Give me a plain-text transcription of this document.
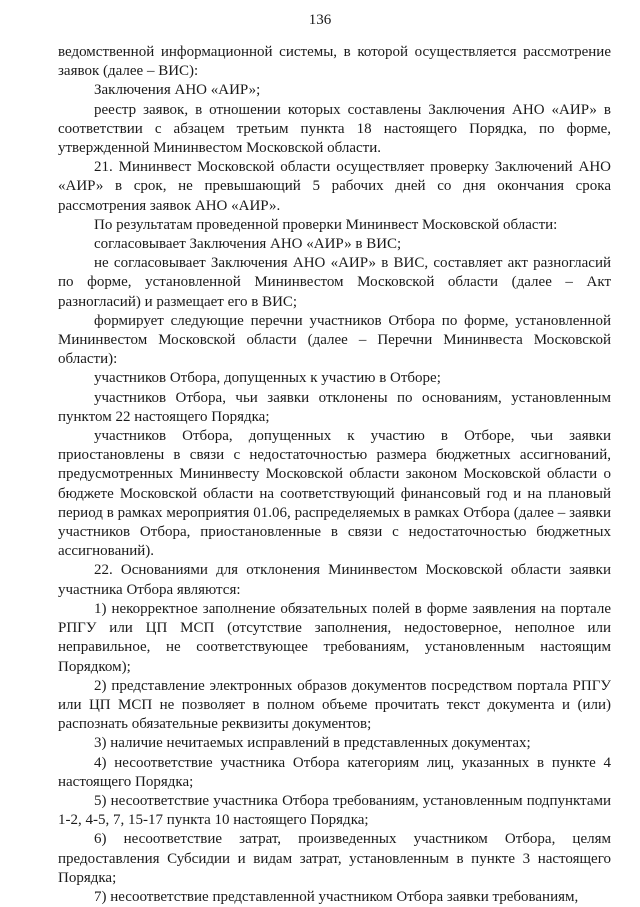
136

ведомственной информационной системы, в которой осуществляется рассмотрение заявок (далее – ВИС):

Заключения АНО «АИР»;

реестр заявок, в отношении которых составлены Заключения АНО «АИР» в соответствии с абзацем третьим пункта 18 настоящего Порядка, по форме, утвержденной Мининвестом Московской области.

21. Мининвест Московской области осуществляет проверку Заключений АНО «АИР» в срок, не превышающий 5 рабочих дней со дня окончания срока рассмотрения заявок АНО «АИР».

По результатам проведенной проверки Мининвест Московской области:

согласовывает Заключения АНО «АИР» в ВИС;

не согласовывает Заключения АНО «АИР» в ВИС, составляет акт разногласий по форме, установленной Мининвестом Московской области (далее – Акт разногласий) и размещает его в ВИС;

формирует следующие перечни участников Отбора по форме, установленной Мининвестом Московской области (далее – Перечни Мининвеста Московской области):

участников Отбора, допущенных к участию в Отборе;

участников Отбора, чьи заявки отклонены по основаниям, установленным пунктом 22 настоящего Порядка;

участников Отбора, допущенных к участию в Отборе, чьи заявки приостановлены в связи с недостаточностью размера бюджетных ассигнований, предусмотренных Мининвесту Московской области законом Московской области о бюджете Московской области на соответствующий финансовый год и на плановый период в рамках мероприятия 01.06, распределяемых в рамках Отбора (далее – заявки участников Отбора, приостановленные в связи с недостаточностью бюджетных ассигнований).

22. Основаниями для отклонения Мининвестом Московской области заявки участника Отбора являются:

1) некорректное заполнение обязательных полей в форме заявления на портале РПГУ или ЦП МСП (отсутствие заполнения, недостоверное, неполное или неправильное, не соответствующее требованиям, установленным настоящим Порядком);

2) представление электронных образов документов посредством портала РПГУ или ЦП МСП не позволяет в полном объеме прочитать текст документа и (или) распознать обязательные реквизиты документов;

3) наличие нечитаемых исправлений в представленных документах;

4) несоответствие участника Отбора категориям лиц, указанных в пункте 4 настоящего Порядка;

5) несоответствие участника Отбора требованиям, установленным подпунктами 1-2, 4-5, 7, 15-17 пункта 10 настоящего Порядка;

6) несоответствие затрат, произведенных участником Отбора, целям предоставления Субсидии и видам затрат, установленным в пункте 3 настоящего Порядка;

7) несоответствие представленной участником Отбора заявки требованиям,
